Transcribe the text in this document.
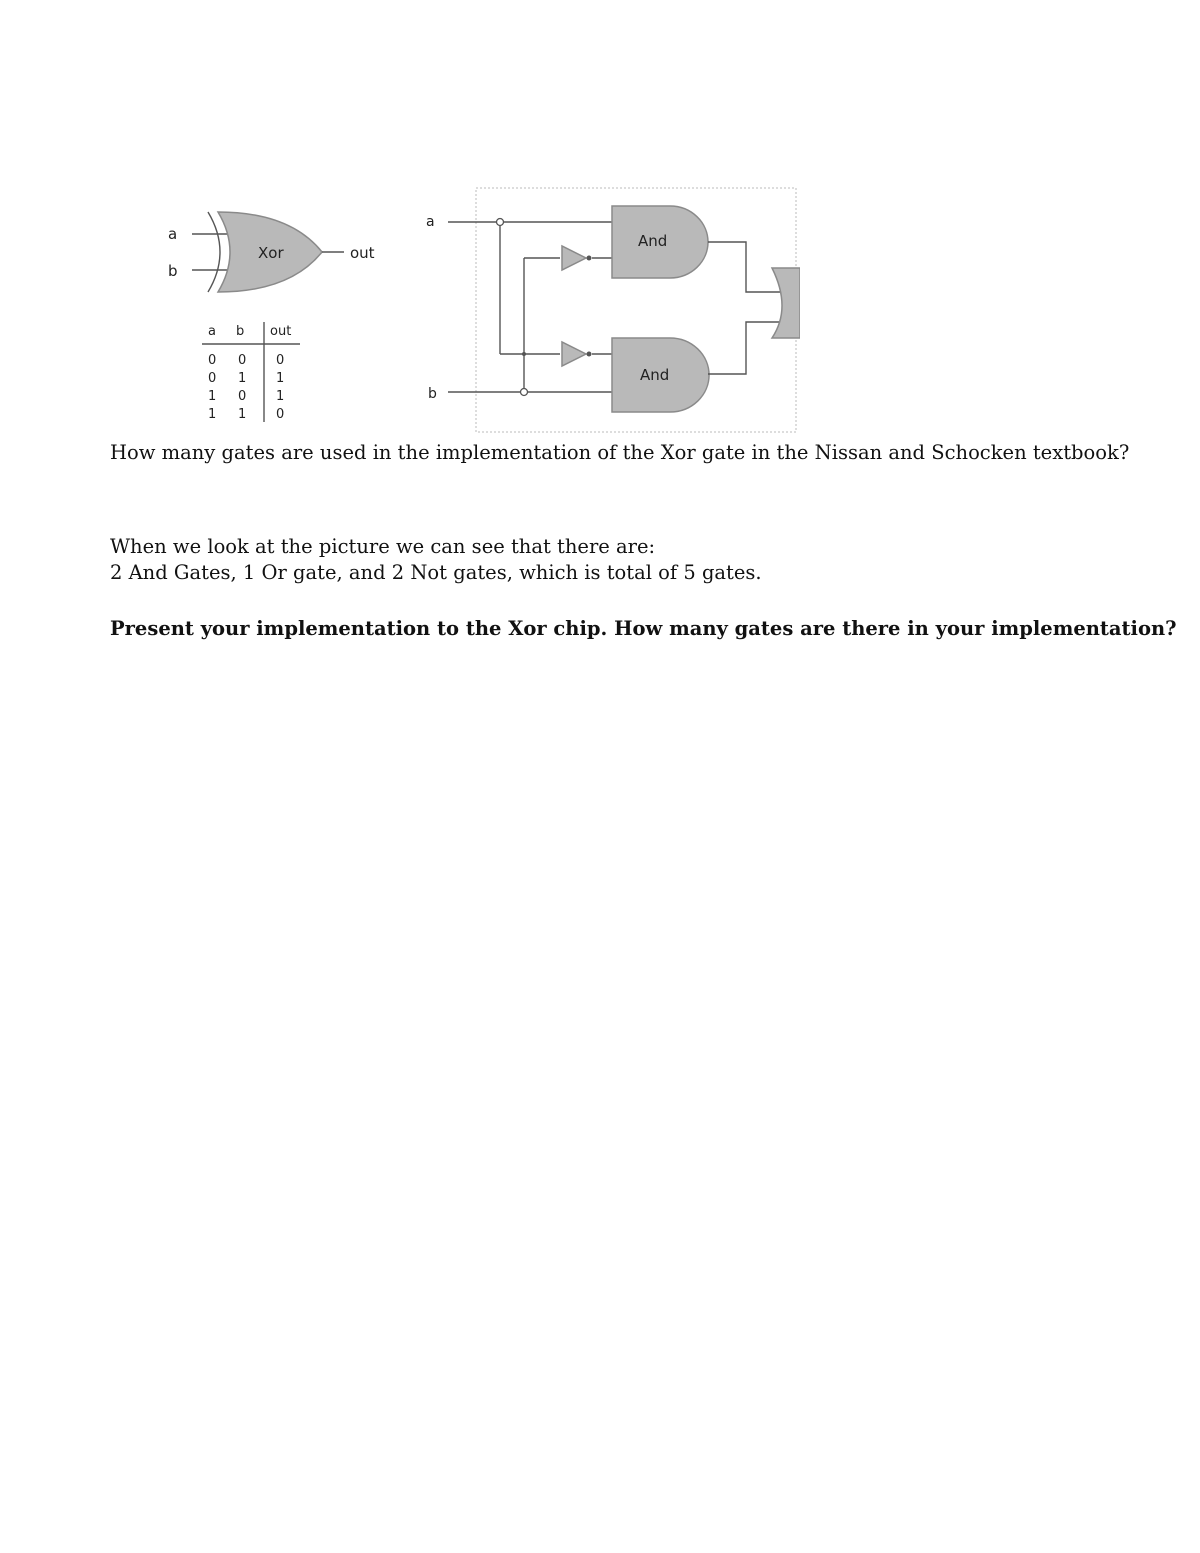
a
b
Xor	out
a b out
0 0 0
0 1 1
1 0 1
1 1 0
a
b
And
And

How many gates are used in the implementation of the Xor gate in the Nissan and Schocken textbook?

When we look at the picture we can see that there are:

2 And Gates, 1 Or gate, and 2 Not gates, which is total of 5 gates.

Present your implementation to the Xor chip. How many gates are there in your implementation?
